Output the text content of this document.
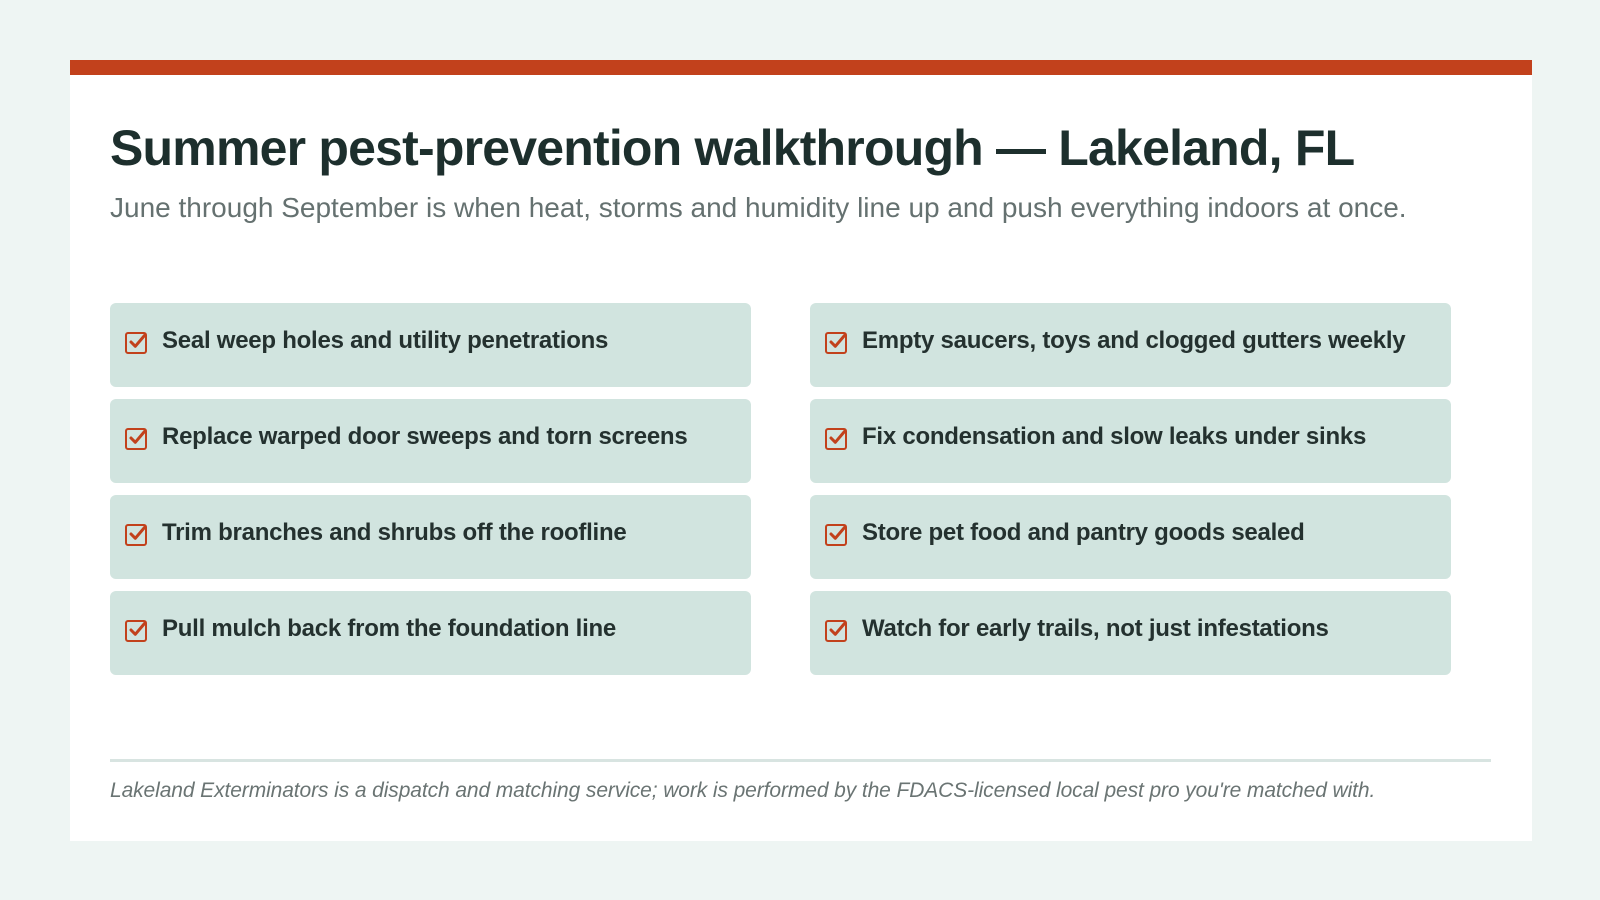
Summer pest-prevention walkthrough — Lakeland, FL

June through September is when heat, storms and humidity line up and push everything indoors at once.

Seal weep holes and utility penetrations	Empty saucers, toys and clogged gutters weekly
Replace warped door sweeps and torn screens	Fix condensation and slow leaks under sinks
Trim branches and shrubs off the roofline	Store pet food and pantry goods sealed
Pull mulch back from the foundation line	Watch for early trails, not just infestations

Lakeland Exterminators is a dispatch and matching service; work is performed by the FDACS-licensed local pest pro you're matched with.
